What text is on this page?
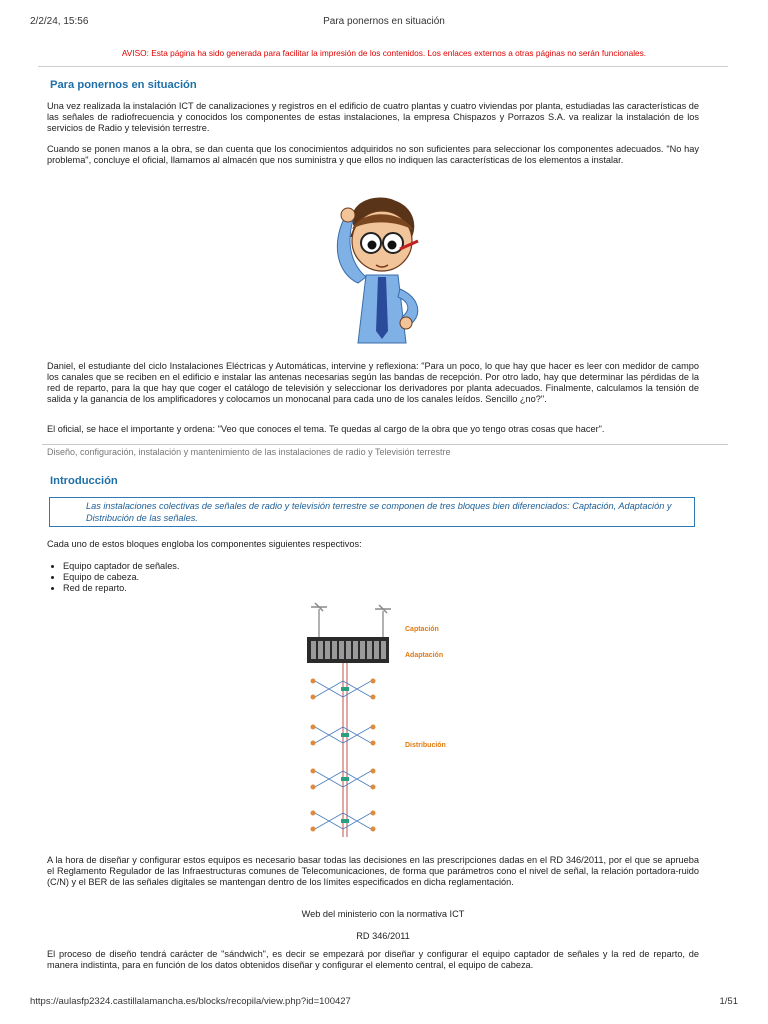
2/2/24, 15:56	Para ponernos en situación
AVISO: Esta página ha sido generada para facilitar la impresión de los contenidos. Los enlaces externos a otras páginas no serán funcionales.
Para ponernos en situación

Una vez realizada la instalación ICT de canalizaciones y registros en el edificio de cuatro plantas y cuatro viviendas por planta, estudiadas las características de las señales de radiofrecuencia y conocidos los componentes de estas instalaciones, la empresa Chispazos y Porrazos S.A. va realizar la instalación de los servicios de Radio y televisión terrestre.

Cuando se ponen manos a la obra, se dan cuenta que los conocimientos adquiridos no son suficientes para seleccionar los componentes adecuados. "No hay problema", concluye el oficial, llamamos al almacén que nos suministra y que ellos no indiquen las características de los elementos a instalar.

Daniel, el estudiante del ciclo Instalaciones Eléctricas y Automáticas, intervine y reflexiona: "Para un poco, lo que hay que hacer es leer con medidor de campo los canales que se reciben en el edificio e instalar las antenas necesarias según las bandas de recepción. Por otro lado, hay que determinar las pérdidas de la red de reparto, para la que hay que coger el catálogo de televisión y seleccionar los derivadores por planta adecuados. Finalmente, calculamos la tensión de salida y la ganancia de los amplificadores y colocamos un monocanal para cada uno de los canales leídos. Sencillo ¿no?".

El oficial, se hace el importante y ordena: "Veo que conoces el tema. Te quedas al cargo de la obra que yo tengo otras cosas que hacer".

Diseño, configuración, instalación y mantenimiento de las instalaciones de radio y Televisión terrestre
Introducción
Las instalaciones colectivas de señales de radio y televisión terrestre se componen de tres bloques bien diferenciados: Captación, Adaptación y Distribución de las señales.

Cada uno de estos bloques engloba los componentes siguientes respectivos:

• Equipo captador de señales.
• Equipo de cabeza.
• Red de reparto.
Captación
Adaptación
Distribución

A la hora de diseñar y configurar estos equipos es necesario basar todas las decisiones en las prescripciones dadas en el RD 346/2011, por el que se aprueba el Reglamento Regulador de las Infraestructuras comunes de Telecomunicaciones, de forma que parámetros cono el nivel de señal, la relación portadora-ruido (C/N) y el BER de las señales digitales se mantengan dentro de los límites especificados en dicha reglamentación.

Web del ministerio con la normativa ICT
RD 346/2011

El proceso de diseño tendrá carácter de "sándwich", es decir se empezará por diseñar y configurar el equipo captador de señales y la red de reparto, de manera indistinta, para en función de los datos obtenidos diseñar y configurar el elemento central, el equipo de cabeza.

https://aulasfp2324.castillalamancha.es/blocks/recopila/view.php?id=100427	1/51
